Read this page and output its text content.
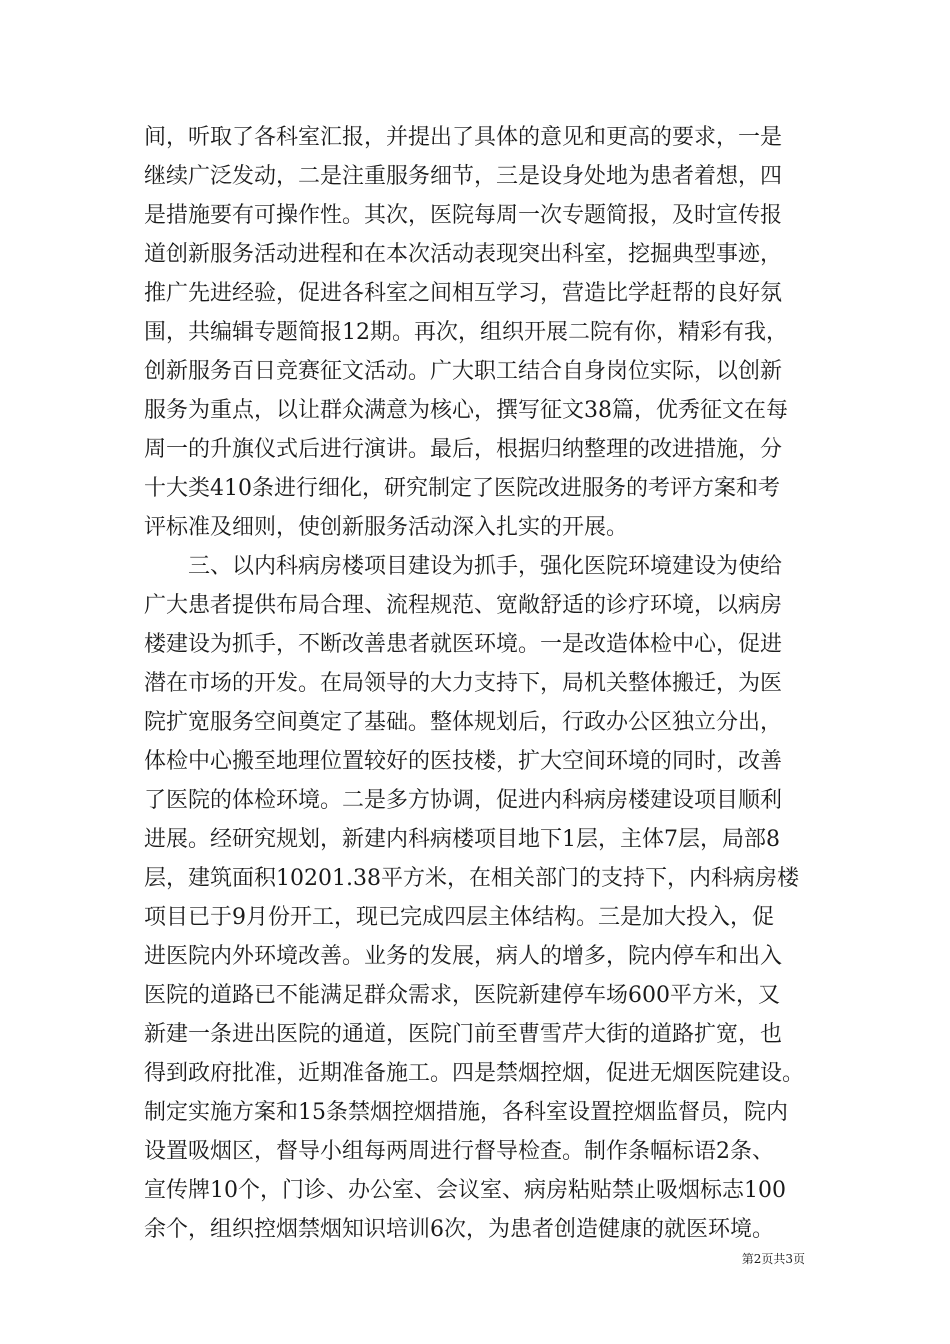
间，听取了各科室汇报，并提出了具体的意见和更高的要求，一是
继续广泛发动，二是注重服务细节，三是设身处地为患者着想，四
是措施要有可操作性。其次，医院每周一次专题简报，及时宣传报
道创新服务活动进程和在本次活动表现突出科室，挖掘典型事迹，
推广先进经验，促进各科室之间相互学习，营造比学赶帮的良好氛
围，共编辑专题简报12期。再次，组织开展二院有你，精彩有我，
创新服务百日竞赛征文活动。广大职工结合自身岗位实际，以创新
服务为重点，以让群众满意为核心，撰写征文38篇，优秀征文在每
周一的升旗仪式后进行演讲。最后，根据归纳整理的改进措施，分
十大类410条进行细化，研究制定了医院改进服务的考评方案和考
评标准及细则，使创新服务活动深入扎实的开展。
三、以内科病房楼项目建设为抓手，强化医院环境建设为使给
广大患者提供布局合理、流程规范、宽敞舒适的诊疗环境，以病房
楼建设为抓手，不断改善患者就医环境。一是改造体检中心，促进
潜在市场的开发。在局领导的大力支持下，局机关整体搬迁，为医
院扩宽服务空间奠定了基础。整体规划后，行政办公区独立分出，
体检中心搬至地理位置较好的医技楼，扩大空间环境的同时，改善
了医院的体检环境。二是多方协调，促进内科病房楼建设项目顺利
进展。经研究规划，新建内科病楼项目地下1层，主体7层，局部8
层，建筑面积10201.38平方米，在相关部门的支持下，内科病房楼
项目已于9月份开工，现已完成四层主体结构。三是加大投入，促
进医院内外环境改善。业务的发展，病人的增多，院内停车和出入
医院的道路已不能满足群众需求，医院新建停车场600平方米，又
新建一条进出医院的通道，医院门前至曹雪芹大街的道路扩宽，也
得到政府批准，近期准备施工。四是禁烟控烟，促进无烟医院建设。
制定实施方案和15条禁烟控烟措施，各科室设置控烟监督员，院内
设置吸烟区，督导小组每两周进行督导检查。制作条幅标语2条、
宣传牌10个，门诊、办公室、会议室、病房粘贴禁止吸烟标志100
余个，组织控烟禁烟知识培训6次，为患者创造健康的就医环境。
第2页共3页
